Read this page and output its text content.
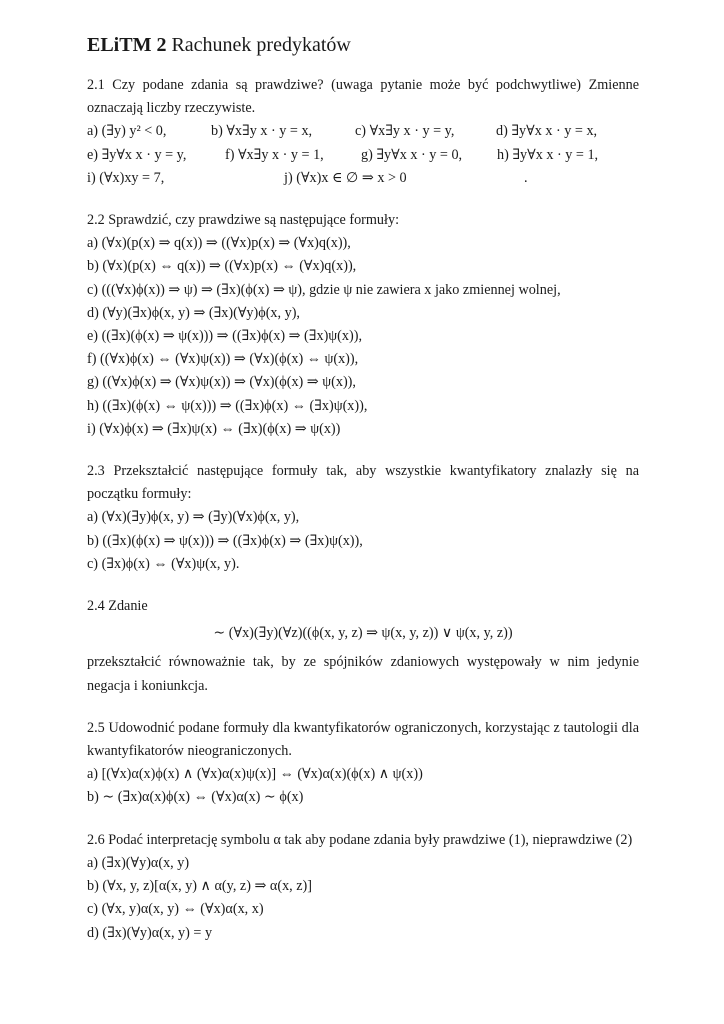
ELiTM 2 Rachunek predykatów
2.1 Czy podane zdania są prawdziwe? (uwaga pytanie może być podchwytliwe) Zmienne oznaczają liczby rzeczywiste.
a) (∃y) y² < 0,	b) ∀x∃y x · y = x,	c) ∀x∃y x · y = y,	d) ∃y∀x x · y = x,
e) ∃y∀x x · y = y,	f) ∀x∃y x · y = 1,	g) ∃y∀x x · y = 0,	h) ∃y∀x x · y = 1,
i) (∀x)xy = 7,	j) (∀x)x ∈ ∅ ⇒ x > 0	.
2.2 Sprawdzić, czy prawdziwe są następujące formuły:
a) (∀x)(p(x) ⇒ q(x)) ⇒ ((∀x)p(x) ⇒ (∀x)q(x)),
b) (∀x)(p(x) ⇔ q(x)) ⇒ ((∀x)p(x) ⇔ (∀x)q(x)),
c) (((∀x)ϕ(x)) ⇒ ψ) ⇒ (∃x)(ϕ(x) ⇒ ψ), gdzie ψ nie zawiera x jako zmiennej wolnej,
d) (∀y)(∃x)ϕ(x, y) ⇒ (∃x)(∀y)ϕ(x, y),
e) ((∃x)(ϕ(x) ⇒ ψ(x))) ⇒ ((∃x)ϕ(x) ⇒ (∃x)ψ(x)),
f) ((∀x)ϕ(x) ⇔ (∀x)ψ(x)) ⇒ (∀x)(ϕ(x) ⇔ ψ(x)),
g) ((∀x)ϕ(x) ⇒ (∀x)ψ(x)) ⇒ (∀x)(ϕ(x) ⇒ ψ(x)),
h) ((∃x)(ϕ(x) ⇔ ψ(x))) ⇒ ((∃x)ϕ(x) ⇔ (∃x)ψ(x)),
i) (∀x)ϕ(x) ⇒ (∃x)ψ(x) ⇔ (∃x)(ϕ(x) ⇒ ψ(x))
2.3 Przekształcić następujące formuły tak, aby wszystkie kwantyfikatory znalazły się na początku formuły:
a) (∀x)(∃y)ϕ(x, y) ⇒ (∃y)(∀x)ϕ(x, y),
b) ((∃x)(ϕ(x) ⇒ ψ(x))) ⇒ ((∃x)ϕ(x) ⇒ (∃x)ψ(x)),
c) (∃x)ϕ(x) ⇔ (∀x)ψ(x, y).
2.4 Zdanie
∼ (∀x)(∃y)(∀z)((ϕ(x, y, z) ⇒ ψ(x, y, z)) ∨ ψ(x, y, z))
przekształcić równoważnie tak, by ze spójników zdaniowych występowały w nim jedynie negacja i koniunkcja.
2.5 Udowodnić podane formuły dla kwantyfikatorów ograniczonych, korzystając z tautologii dla kwantyfikatorów nieograniczonych.
a) [(∀x)α(x)ϕ(x) ∧ (∀x)α(x)ψ(x)] ⇔ (∀x)α(x)(ϕ(x) ∧ ψ(x))
b) ∼ (∃x)α(x)ϕ(x) ⇔ (∀x)α(x) ∼ ϕ(x)
2.6 Podać interpretację symbolu α tak aby podane zdania były prawdziwe (1), nieprawdziwe (2)
a) (∃x)(∀y)α(x, y)
b) (∀x, y, z)[α(x, y) ∧ α(y, z) ⇒ α(x, z)]
c) (∀x, y)α(x, y) ⇔ (∀x)α(x, x)
d) (∃x)(∀y)α(x, y) = y
